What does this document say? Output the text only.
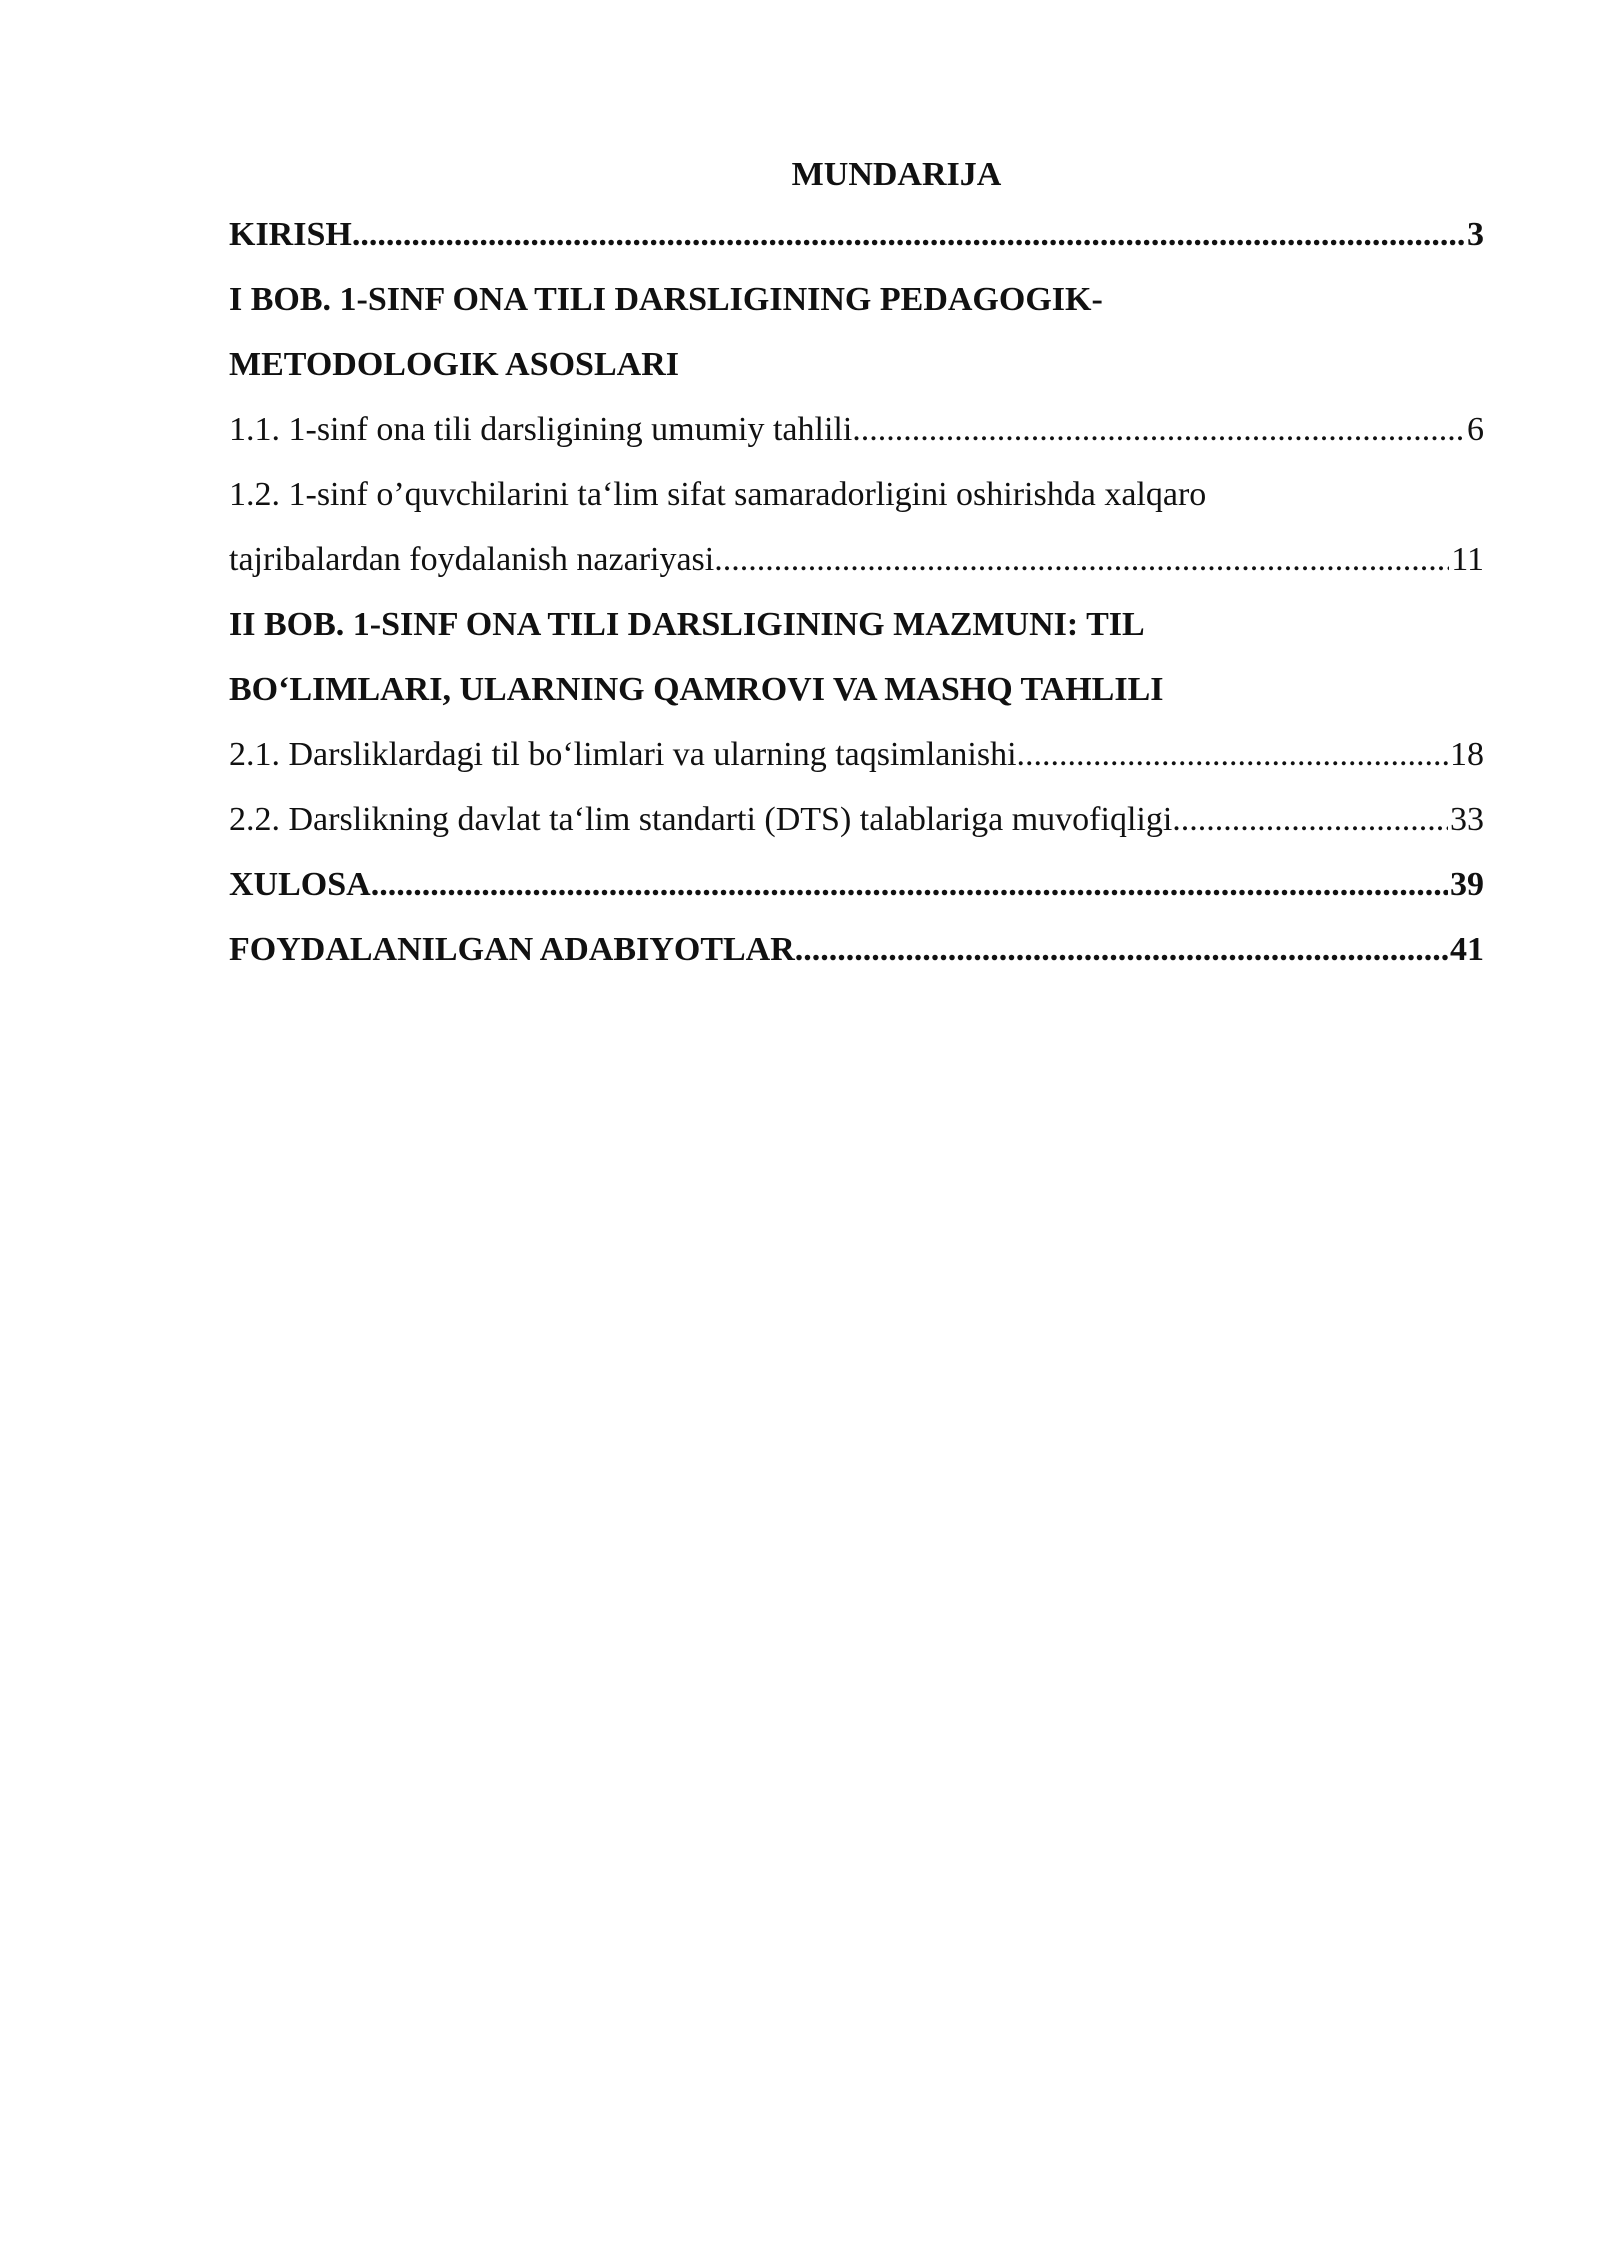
MUNDARIJA
KIRISH .....	3
I BOB. 1-SINF ONA TILI DARSLIGINING PEDAGOGIK-
METODOLOGIK ASOSLARI
1.1. 1-sinf ona tili darsligining umumiy tahlili .....	6
1.2. 1-sinf o’quvchilarini ta‘lim sifat samaradorligini oshirishda xalqaro
tajribalardan foydalanish nazariyasi .....	11
II BOB. 1-SINF ONA TILI DARSLIGINING MAZMUNI: TIL
BO‘LIMLARI, ULARNING QAMROVI VA MASHQ TAHLILI
2.1. Darsliklardagi til bo‘limlari va ularning taqsimlanishi .....	18
2.2. Darslikning davlat ta‘lim standarti (DTS) talablariga muvofiqligi .....	33
XULOSA .....	39
FOYDALANILGAN ADABIYOTLAR .....	41
